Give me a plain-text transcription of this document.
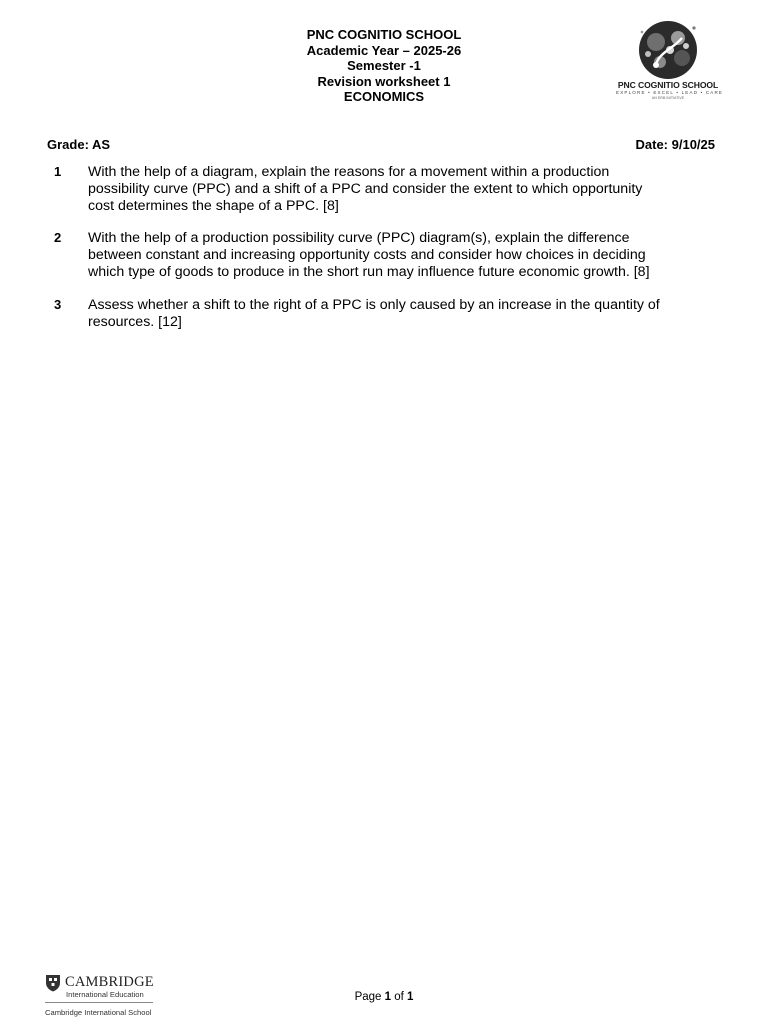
PNC COGNITIO SCHOOL
Academic Year – 2025-26
Semester -1
Revision worksheet 1
ECONOMICS
PNC COGNITIO SCHOOL
EXPLORE • EXCEL • LEAD • CARE
AN ERB INITIATIVE
Grade: AS	Date: 9/10/25
1 With the help of a diagram, explain the reasons for a movement within a production possibility curve (PPC) and a shift of a PPC and consider the extent to which opportunity cost determines the shape of a PPC. [8]
2 With the help of a production possibility curve (PPC) diagram(s), explain the difference between constant and increasing opportunity costs and consider how choices in deciding which type of goods to produce in the short run may influence future economic growth. [8]
3 Assess whether a shift to the right of a PPC is only caused by an increase in the quantity of resources. [12]
CAMBRIDGE
International Education
Cambridge International School
Page 1 of 1
